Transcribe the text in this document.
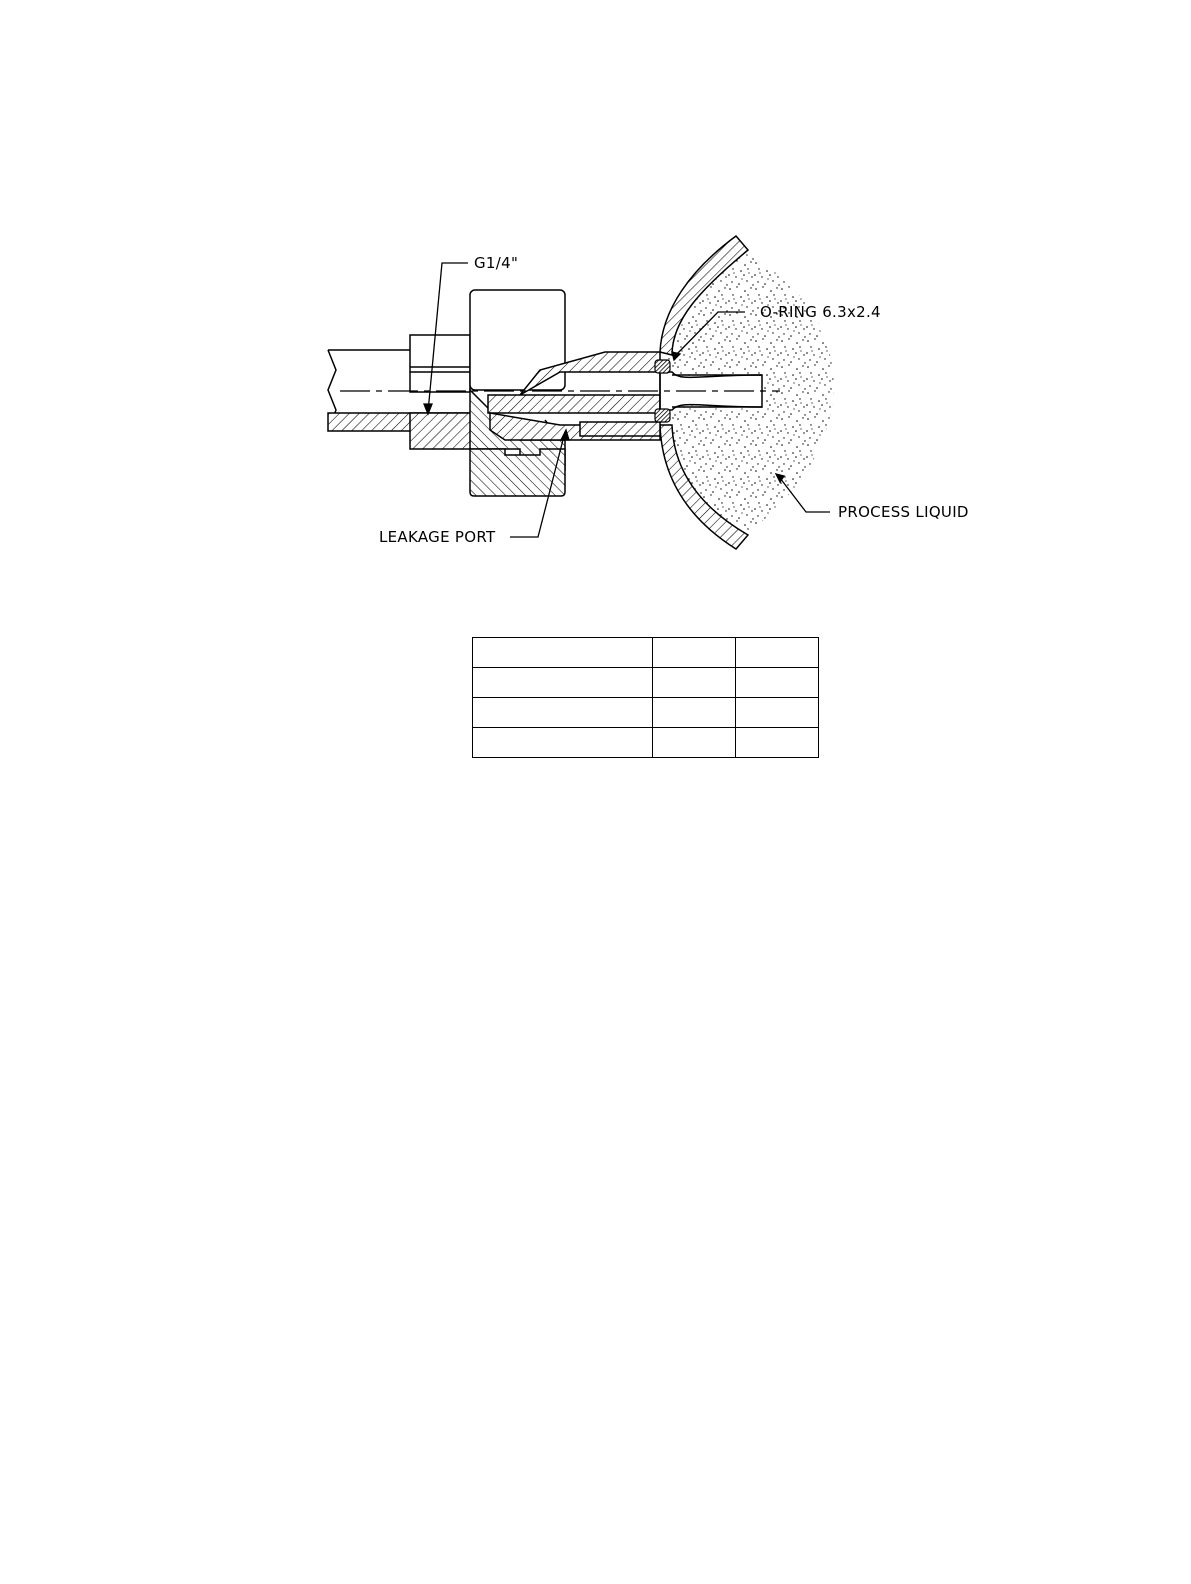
G1/4"
O-RING 6.3x2.4
LEAKAGE PORT
PROCESS LIQUID
